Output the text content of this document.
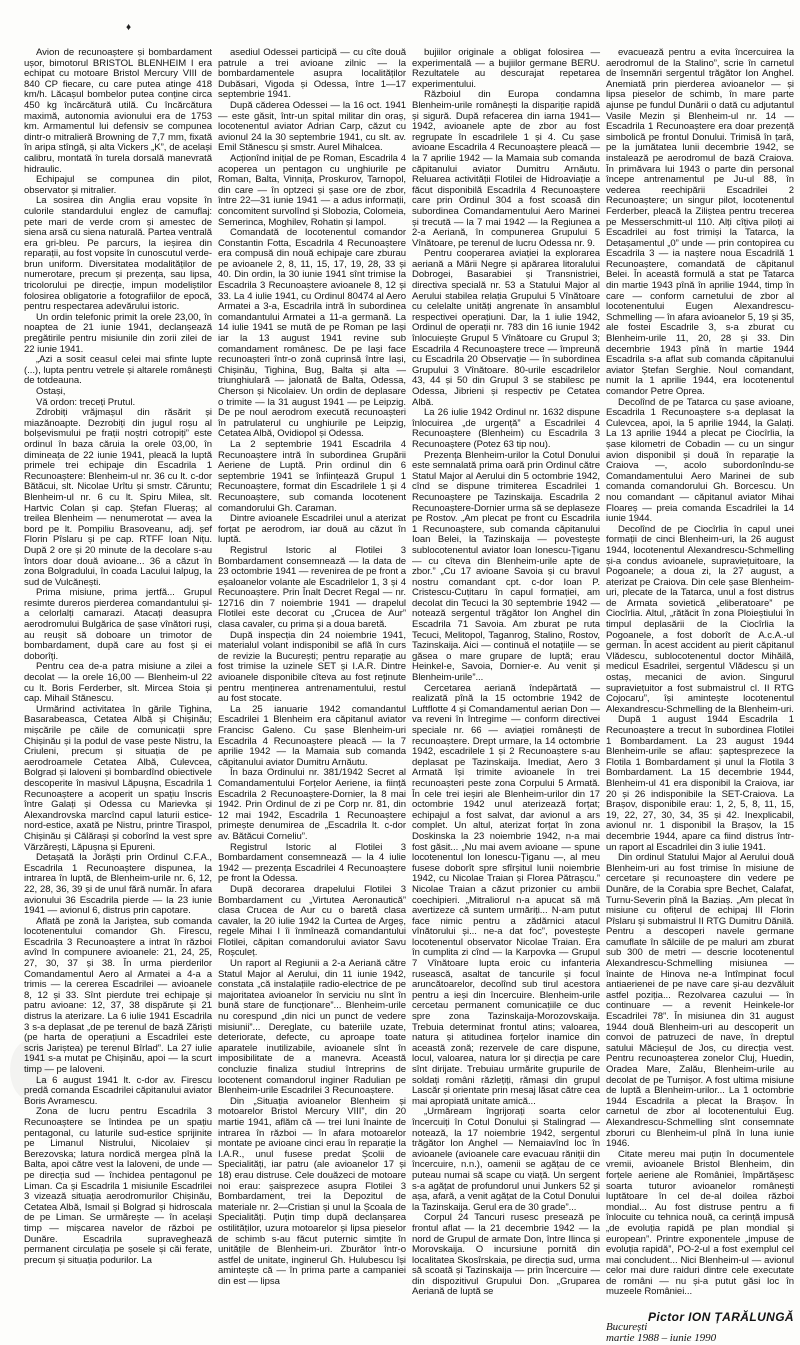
♦

Avion de recunoaștere și bombardament ușor, bimotorul BRISTOL BLENHEIM I era echipat cu motoare Bristol Mercury VIII de 840 CP fiecare, cu care putea atinge 418 km/h. Lăcașul bombelor putea conține circa 450 kg încărcătură utilă. Cu încărcătura maximă, autonomia avionului era de 1753 km. Armamentul lui defensiv se compunea dintr-o mitralieră Browning de 7,7 mm, fixată în aripa stîngă, și alta Vickers „K”, de același calibru, montată în turela dorsală manevrată hidraulic.

Echipajul se compunea din pilot, observator și mitralier.

La sosirea din Anglia erau vopsite în culorile standardului englez de camuflaj: pete mari de verde crom și amestec de siena arsă cu siena naturală. Partea ventrală era gri-bleu. Pe parcurs, la ieșirea din reparații, au fost vopsite în cunoscutul verde-brun uniform. Diversitatea modalităților de numerotare, precum și prezența, sau lipsa, tricolorului pe direcție, impun modeliștilor folosirea obligatorie a fotografiilor de epocă, pentru respectarea adevărului istoric.

Un ordin telefonic primit la orele 23,00, în noaptea de 21 iunie 1941, declanșează pregătirile pentru misiunile din zorii zilei de 22 iunie 1941.

„Azi a sosit ceasul celei mai sfinte lupte (...), lupta pentru vetrele și altarele românești de totdeauna.

Ostași,

Vă ordon: treceți Prutul.

Zdrobiți vrăjmașul din răsărit și miazănoapte. Dezrobiți din jugul roșu al bolșevismului pe frații noștri cotropiți” este ordinul în baza căruia la orele 03,00, în dimineața de 22 iunie 1941, pleacă la luptă primele trei echipaje din Escadrila 1 Recunoaștere: Blenheim-ul nr. 36 cu lt. c-dor Bătăcui, slt. Nicolae Urîtu și smstr. Căruntu; Blenheim-ul nr. 6 cu lt. Spiru Milea, slt. Hartvic Colan și cap. Ștefan Flueraș; al treilea Blenheim — nenumerotat — avea la bord pe lt. Pompiliu Brasoveanu, adj. șef Florin Pîslaru și pe cap. RTFF Ioan Nițu. După 2 ore și 20 minute de la decolare s-au întors doar două avioane... 36 a căzut în zona Bolgradului, în coada Lacului Ialpug, la sud de Vulcănești.

Prima misiune, prima jertfă... Grupul resimte dureros pierderea comandantului și-a celorlalți camarazi. Atacați deasupra aerodromului Bulgărica de șase vînători ruși, au reușit să doboare un trimotor de bombardament, după care au fost și ei doborîți.

Pentru cea de-a patra misiune a zilei a decolat — la orele 16,00 — Blenheim-ul 22 cu lt. Boris Ferderber, slt. Mircea Stoia și cap. Mihail Stănescu.

Urmărind activitatea în gările Tighina, Basarabeasca, Cetatea Albă și Chișinău; mișcările pe căile de comunicații spre Chișinău și la podul de vase peste Nistru, la Criuleni, precum și situația de pe aerodroamele Cetatea Albă, Culevcea, Bolgrad și Ialoveni și bombardînd obiectivele descoperite în masivul Lăpușna, Escadrila 1 Recunoaștere a acoperit un spațiu înscris între Galați și Odessa cu Marievka și Alexandrovska marcînd capul laturii estice-nord-estice, axată pe Nistru, printre Tiraspol, Chișinău și Călărași și coborînd la vest spre Vărzărești, Lăpușna și Epureni.

Detașată la Jorăști prin Ordinul C.F.A., Escadrila 1 Recunoaștere dispunea, la intrarea în luptă, de Blenheim-urile nr. 6, 12, 22, 28, 36, 39 și de unul fără număr. În afara avionului 36 Escadrila pierde — la 23 iunie 1941 — avionul 6, distrus prin capotare.

Aflată pe zonă la Jariștea, sub comanda locotenentului comandor Gh. Firescu, Escadrila 3 Recunoaștere a intrat în război avînd în compunere avioanele: 21, 24, 25, 27, 30, 37 și 38. În urma pierderilor Comandamentul Aero al Armatei a 4-a a trimis — la cererea Escadrilei — avioanele 8, 12 și 33. Sînt pierdute trei echipaje și patru avioane: 12, 37, 38 dispărute și 21 distrus la aterizare. La 6 iulie 1941 Escadrila 3 s-a deplasat „de pe terenul de bază Zăriști (pe harta de operațiuni a Escadrilei este scris Jariștea) pe terenul Bîrlad”. La 27 iulie 1941 s-a mutat pe Chișinău, apoi — la scurt timp — pe Ialoveni.

La 6 august 1941 lt. c-dor av. Firescu predă comanda Escadrilei căpitanului aviator Boris Avramescu.

Zona de lucru pentru Escadrila 3 Recunoaștere se întindea pe un spațiu pentagonal, cu laturile sud-estice sprijinite pe Limanul Nistrului, Nicolaiev și Berezovska; latura nordică mergea pînă la Balta, apoi către vest la Ialoveni, de unde — pe direcția sud — închidea pentagonul pe Liman. Ca și Escadrila 1 misiunile Escadrilei 3 vizează situația aerodromurilor Chișinău, Cetatea Albă, Ismail și Bolgrad și hidroscala de pe Liman. Se urmărește — în același timp — mișcarea navelor de război pe Dunăre. Escadrila supraveghează permanent circulația pe șosele și căi ferate, precum și situația podurilor. La

asediul Odessei participă — cu cîte două patrule a trei avioane zilnic — la bombardamentele asupra localităților Dubăsari, Vigoda și Odessa, între 1—17 septembrie 1941.

După căderea Odessei — la 16 oct. 1941 — este găsit, într-un spital militar din oraș, locotenentul aviator Adrian Carp, căzut cu avionul 24 la 30 septembrie 1941, cu slt. av. Emil Stănescu și smstr. Aurel Mihalcea.

Acționînd inițial de pe Roman, Escadrila 4 acoperea un pentagon cu unghiurile pe Roman, Balta, Vinnița, Proskurov, Tarnopol, din care — în optzeci și șase ore de zbor, între 22—31 iunie 1941 — a adus informații, concomitent survolînd și Slobozia, Colomeia, Semerinca, Moghilev, Rohatin și Iampol.

Comandată de locotenentul comandor Constantin Fotta, Escadrila 4 Recunoaștere era compusă din nouă echipaje care zburau pe avioanele 2, 8, 11, 15, 17, 19, 28, 33 și 40. Din ordin, la 30 iunie 1941 sînt trimise la Escadrila 3 Recunoaștere avioanele 8, 12 și 33. La 4 iulie 1941, cu Ordinul 80474 al Aero Armatei a 3-a, Escadrila intră în subordinea comandantului Armatei a 11-a germană. La 14 iulie 1941 se mută de pe Roman pe Iași iar la 13 august 1941 revine sub comandament românesc. De pe Iași face recunoașteri într-o zonă cuprinsă între Iași, Chișinău, Tighina, Bug, Balta și alta — triunghiulară — jalonată de Balta, Odessa, Cherson și Nicolaiev. Un ordin de deplasare o trimite — la 31 august 1941 — pe Leipzig. De pe noul aerodrom execută recunoașteri în patrulaterul cu unghiurile pe Leipzig, Cetatea Albă, Ovidiopol și Odessa.

La 2 septembrie 1941 Escadrila 4 Recunoaștere intră în subordinea Grupării Aeriene de Luptă. Prin ordinul din 6 septembrie 1941 se înființează Grupul 1 Recunoaștere, format din Escadrilele 1 și 4 Recunoaștere, sub comanda locotenent comandorului Gh. Caraman.

Dintre avioanele Escadrilei unul a aterizat forțat pe aerodrom, iar două au căzut în luptă.

Registrul Istoric al Flotilei 3 Bombardament consemnează — la data de 23 octombrie 1941 — revenirea de pe front a eșaloanelor volante ale Escadrilelor 1, 3 și 4 Recunoaștere. Prin Înalt Decret Regal — nr. 12716 din 7 noiembrie 1941 — drapelul Flotilei este decorat cu „Crucea de Aur” clasa cavaler, cu prima și a doua baretă.

După inspecția din 24 noiembrie 1941, materialul volant indisponibil se află în curs de revizie la București; pentru reparație au fost trimise la uzinele SET și I.A.R. Dintre avioanele disponibile cîteva au fost reținute pentru menținerea antrenamentului, restul au fost stocate.

La 25 ianuarie 1942 comandantul Escadrilei 1 Blenheim era căpitanul aviator Francisc Galeno. Cu șase Blenheim-uri Escadrila 4 Recunoaștere pleacă — la 7 aprilie 1942 — la Mamaia sub comanda căpitanului aviator Dumitru Arnăutu.

În baza Ordinului nr. 381/1942 Secret al Comandamentului Forțelor Aeriene, ia ființă Escadrila 2 Recunoaștere-Dornier, la 8 mai 1942. Prin Ordinul de zi pe Corp nr. 81, din 12 mai 1942, Escadrila 1 Recunoaștere primește denumirea de „Escadrila lt. c-dor av. Bătăcui Corneliu”.

Registrul Istoric al Flotilei 3 Bombardament consemnează — la 4 iulie 1942 — prezența Escadrilei 4 Recunoaștere pe front la Odessa.

După decorarea drapelului Flotilei 3 Bombardament cu „Virtutea Aeronautică” clasa Crucea de Aur cu o baretă clasa cavaler, la 20 iulie 1942 la Curtea de Argeș, regele Mihai I îi înmînează comandantului Flotilei, căpitan comandorului aviator Savu Roșculeț.

Un raport al Regiunii a 2-a Aeriană către Statul Major al Aerului, din 11 iunie 1942, constata „că instalațiile radio-electrice de pe majoritatea avioanelor în serviciu nu sînt în bună stare de funcționare”... Blenheim-urile nu corespund „din nici un punct de vedere misiunii”... Dereglate, cu bateriile uzate, deteriorate, defecte, cu aproape toate aparatele inutilizabile, avioanele sînt în imposibilitate de a manevra. Această concluzie finaliza studiul întreprins de locotenent comandorul inginer Radulian pe Blenheim-urile Escadrilei 3 Recunoaștere.

Din „Situația avioanelor Blenheim și motoarelor Bristol Mercury VIII”, din 20 martie 1941, aflăm că — trei luni înainte de intrarea în război — în afara motoarelor montate pe avioane cinci erau în reparație la I.A.R., unul fusese predat Școlii de Specialități, iar patru (ale avioanelor 17 și 18) erau distruse. Cele douăzeci de motoare noi erau: șaisprezece asupra Flotilei 3 Bombardament, trei la Depozitul de materiale nr. 2—Cristian și unul la Școala de Specialități. Puțin timp după declanșarea ostilităților, uzura motoarelor și lipsa pieselor de schimb s-au făcut puternic simțite în unitățile de Blenheim-uri. Zburător într-o astfel de unitate, inginerul Gh. Hulubescu își amintește că — în prima parte a campaniei din est — lipsa

bujiilor originale a obligat folosirea — experimentală — a bujiilor germane BERU. Rezultatele au descurajat repetarea experimentului.

Războiul din Europa condamna Blenheim-urile românești la dispariție rapidă și sigură. După refacerea din iarna 1941—1942, avioanele apte de zbor au fost regrupate în escadrilele 1 și 4. Cu șase avioane Escadrila 4 Recunoaștere pleacă — la 7 aprilie 1942 — la Mamaia sub comanda căpitanului aviator Dumitru Arnăutu. Reluarea activității Flotilei de Hidroaviație a făcut disponibilă Escadrila 4 Recunoaștere care prin Ordinul 304 a fost scoasă din subordinea Comandamentului Aero Marinei și trecută — la 7 mai 1942 — la Regiunea a 2-a Aeriană, în compunerea Grupului 5 Vînătoare, pe terenul de lucru Odessa nr. 9.

Pentru cooperarea aviației la explorarea aeriană a Mării Negre și apărarea litoralului Dobrogei, Basarabiei și Transnistriei, directiva specială nr. 53 a Statului Major al Aerului stabilea relația Grupului 5 Vînătoare cu celelalte unități angrenate în ansamblul respectivei operațiuni. Dar, la 1 iulie 1942, Ordinul de operații nr. 783 din 16 iunie 1942 înlocuiește Grupul 5 Vînătoare cu Grupul 3; Escadrila 4 Recunoaștere trece — împreună cu Escadrila 20 Observație — în subordinea Grupului 3 Vînătoare. 80-urile escadrilelor 43, 44 și 50 din Grupul 3 se stabilesc pe Odessa, Jibrieni și respectiv pe Cetatea Albă.

La 26 iulie 1942 Ordinul nr. 1632 dispune înlocuirea „de urgență” a Escadrilei 4 Recunoaștere (Blenheim) cu Escadrila 3 Recunoaștere (Potez 63 tip nou).

Prezența Blenheim-urilor la Cotul Donului este semnalată prima oară prin Ordinul către Statul Major al Aerului din 5 octombrie 1942, cînd se dispune trimiterea Escadrilei 1 Recunoaștere pe Tazinskaija. Escadrila 2 Recunoaștere-Dornier urma să se deplaseze pe Rostov. „Am plecat pe front cu Escadrila 1 Recunoaștere, sub comanda căpitanului Ioan Belei, la Tazinskaija — povestește sublocotenentul aviator Ioan Ionescu-Țiganu — cu cîteva din Blenheim-urile apte de zbor.” „Cu 17 avioane Savoia și cu bravul nostru comandant cpt. c-dor Ioan P. Cristescu-Cuțitaru în capul formației, am decolat din Tecuci la 30 septembrie 1942 — notează sergentul trăgător Ion Anghel din Escadrila 71 Savoia. Am zburat pe ruta Tecuci, Melitopol, Taganrog, Stalino, Rostov, Tazinskaija. Aici — continuă el notațiile — se găsea o mare grupare de luptă; erau Heinkel-e, Savoia, Dornier-e. Au venit și Blenheim-urile”...

Cercetarea aeriană îndepărtată — realizată pînă la 15 octombrie 1942 de Luftflotte 4 și Comandamentul aerian Don — va reveni în întregime — conform directivei speciale nr. 66 — aviației românești de recunoaștere. Drept urmare, la 14 octombrie 1942, escadrilele 1 și 2 Recunoaștere s-au deplasat pe Tazinskaija. Imediat, Aero 3 Armată își trimite avioanele în trei recunoașteri peste zona Corpului 5 Armată. În cele trei ieșiri ale Blenheim-urilor din 17 octombrie 1942 unul aterizează forțat; echipajul a fost salvat, dar avionul a ars complet. Un altul, aterizat forțat în zona Doskinska la 23 noiembrie 1942, n-a mai fost găsit... „Nu mai avem avioane — spune locotenentul Ion Ionescu-Țiganu —, al meu fusese doborît spre sfîrșitul lunii noiembrie 1942, cu Nicolae Traian și Florea Pătrașcu.” Nicolae Traian a căzut prizonier cu ambii coechipieri. „Mitraliorul n-a apucat să mă avertizeze că suntem urmăriți... N-am putut face nimic pentru a zădărnici atacul vînătorului și... ne-a dat foc”, povestește locotenentul observator Nicolae Traian. Era în cumplita zi cînd — la Karpovka — Grupul 7 Vînătoare lupta eroic cu infanteria rusească, asaltat de tancurile și focul aruncătoarelor, decolînd sub tirul acestora pentru a ieși din încercuire. Blenheim-urile cercetau permanent comunicațiile ce duc spre zona Tazinskaija-Morozovskaija. Trebuia determinat frontul atins; valoarea, natura și atitudinea forțelor inamice din această zonă; rezervele de care dispune, locul, valoarea, natura lor și direcția pe care sînt dirijate. Trebuiau urmărite grupurile de soldați români răzlețiți, rămași din grupul Lascăr și orientate prin mesaj lăsat către cea mai apropiată unitate amică...

„Urmăream îngrijorați soarta celor încercuiți în Cotul Donului și Stalingrad — notează, la 17 noiembrie 1942, sergentul trăgător Ion Anghel — Nemaiavînd loc în avioanele (avioanele care evacuau răniții din încercuire, n.n.), oamenii se agățau de ce puteau numai să scape cu viață. Un sergent s-a agățat de profundorul unui Junkers 52 și așa, afară, a venit agățat de la Cotul Donului la Tazinskaija. Gerul era de 30 grade”...

Corpul 24 Tancuri rusesc presează pe frontul aflat — la 21 decembrie 1942 — la nord de Grupul de armate Don, între Ilinca și Morovskaija. O incursiune pornită din localitatea Skosîrskaia, pe direcția sud, urma să scoată și Tazinskaija — prin încercuire — din dispozitivul Grupului Don. „Gruparea Aeriană de luptă se

evacuează pentru a evita încercuirea la aerodromul de la Stalino”, scrie în carnetul de însemnări sergentul trăgător Ion Anghel. Anemiată prin pierderea avioanelor — și lipsa pieselor de schimb, în mare parte ajunse pe fundul Dunării o dată cu adjutantul Vasile Mezin și Blenheim-ul nr. 14 — Escadrila 1 Recunoaștere era doar prezență simbolică pe frontul Donului. Trimisă în țară, pe la jumătatea lunii decembrie 1942, se instalează pe aerodromul de bază Craiova. În primăvara lui 1943 o parte din personal începe antrenamentul pe Ju-ul 88, în vederea reechipării Escadrilei 2 Recunoaștere; un singur pilot, locotenentul Ferderber, pleacă la Ziliștea pentru trecerea pe Messerschmitt-ul 110. Alți cîțiva piloți ai Escadrilei au fost trimiși la Tatarca, la Detașamentul „0” unde — prin contopirea cu Escadrila 3 — ia naștere noua Escadrilă 1 Recunoaștere, comandată de căpitanul Belei. În această formulă a stat pe Tatarca din martie 1943 pînă în aprilie 1944, timp în care — conform carnetului de zbor al locotenentului Eugen Alexandrescu-Schmelling — în afara avioanelor 5, 19 și 35, ale fostei Escadrile 3, s-a zburat cu Blenheim-urile 11, 20, 28 și 33. Din decembrie 1943 pînă în martie 1944 Escadrila s-a aflat sub comanda căpitanului aviator Ștefan Serghie. Noul comandant, numit la 1 aprilie 1944, era locotenentul comandor Petre Oprea.

Decolînd de pe Tatarca cu șase avioane, Escadrila 1 Recunoaștere s-a deplasat la Culevcea, apoi, la 5 aprilie 1944, la Galați. La 13 aprilie 1944 a plecat pe Ciocîrlia, la șase kilometri de Cobadin — cu un singur avion disponibil și două în reparație la Craiova —, acolo subordonîndu-se Comandamentului Aero Marinei de sub comanda comandorului Gh. Borcescu. Un nou comandant — căpitanul aviator Mihai Floareș — preia comanda Escadrilei la 14 iunie 1944.

Decolînd de pe Ciocîrlia în capul unei formații de cinci Blenheim-uri, la 26 august 1944, locotenentul Alexandrescu-Schmelling și-a condus avioanele, supraviețuitoare, la Pogoanele; a doua zi, la 27 august, a aterizat pe Craiova. Din cele șase Blenheim-uri, plecate de la Tatarca, unul a fost distrus de Armata sovietică „eliberatoare” pe Ciocîrlia. Altul, „rătăcit în zona Ploieștiului în timpul deplasării de la Ciocîrlia la Pogoanele, a fost doborît de A.c.A.-ul german. În acest accident au pierit căpitanul Vlădescu, sublocotenentul doctor Mihăilă, medicul Esadrilei, sergentul Vlădescu și un ostaș, mecanici de avion. Singurul supraviețuitor a fost submaistrul cl. II RTG Cojocaru”, își amintește locotenentul Alexandrescu-Schmelling de la Blenheim-uri.

După 1 august 1944 Escadrila 1 Recunoaștere a trecut în subordinea Flotilei 1 Bombardament. La 23 august 1944 Blenheim-urile se aflau: șaptesprezece la Flotila 1 Bombardament și unul la Flotila 3 Bombardament. La 15 decembrie 1944, Blenheim-ul 41 era disponibil la Craiova, iar 20 și 26 indisponibile la SET-Craiova. La Brașov, disponibile erau: 1, 2, 5, 8, 11, 15, 19, 22, 27, 30, 34, 35 și 42. Inexplicabil, avionul nr. 1 disponibil la Brașov, la 15 decembrie 1944, apare ca fiind distrus într-un raport al Escadrilei din 3 iulie 1941.

Din ordinul Statului Major al Aerului două Blenheim-uri au fost trimise în misiune de cercetare și recunoaștere din vedere pe Dunăre, de la Corabia spre Bechet, Calafat, Turnu-Severin pînă la Baziaș. „Am plecat în misiune cu ofițerul de echipaj III Florin Pîslaru și submaistrul II RTG Dumitru Dănilă. Pentru a descoperi navele germane camuflate în sălciile de pe maluri am zburat sub 300 de metri — descrie locotenentul Alexandrescu-Schmelling misiunea — înainte de Hinova ne-a întîmpinat focul antiaerienei de pe nave care și-au dezvăluit astfel poziția... Rezolvarea cazului — în continuare — a revenit Heinkele-lor Escadrilei 78”. În misiunea din 31 august 1944 două Blenheim-uri au descoperit un convoi de patruzeci de nave, în dreptul satului Măcieșul de Jos, cu direcția vest. Pentru recunoașterea zonelor Cluj, Huedin, Oradea Mare, Zalău, Blenheim-urile au decolat de pe Turnișor. A fost ultima misiune de luptă a Blenheim-urilor... La 1 octombrie 1944 Escadrila a plecat la Brașov. În carnetul de zbor al locotenentului Eug. Alexandrescu-Schmelling sînt consemnate zboruri cu Blenheim-ul pînă în luna iunie 1946.

Citate mereu mai puțin în documentele vremii, avioanele Bristol Blenheim, din forțele aeriene ale României, împărtășesc soarta tuturor avioanelor românești luptătoare în cel de-al doilea război mondial... Au fost distruse pentru a fi înlocuite cu tehnica nouă, ca cerință impusă „de evoluția rapidă pe plan mondial și european”. Printre exponentele „impuse de evoluția rapidă”, PO-2-ul a fost exemplul cel mai concludent... Nici Blenheim-ul — avionul celor mai dure raiduri dintre cele executate de români — nu și-a putut găsi loc în muzeele României...

Pictor ION ȚARĂLUNGĂ
București
martie 1988 – iunie 1990
